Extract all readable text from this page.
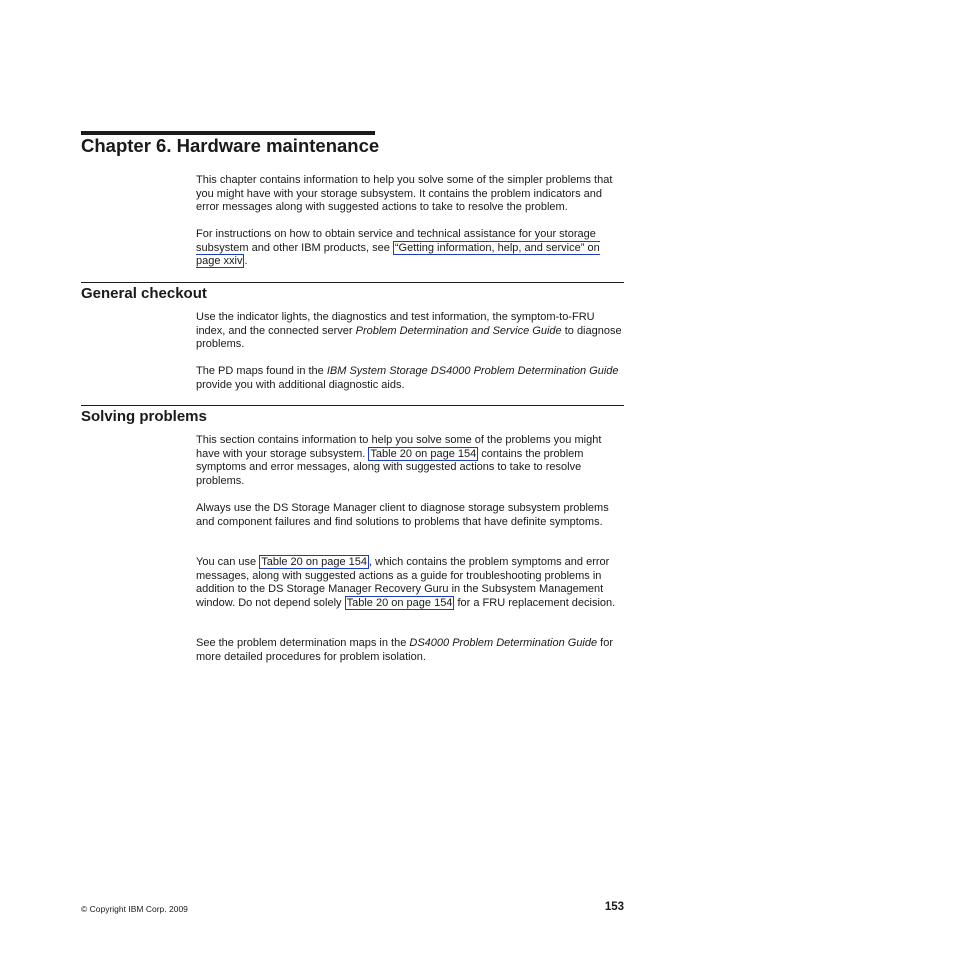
Chapter 6. Hardware maintenance

This chapter contains information to help you solve some of the simpler problems that you might have with your storage subsystem. It contains the problem indicators and error messages along with suggested actions to take to resolve the problem.

For instructions on how to obtain service and technical assistance for your storage subsystem and other IBM products, see “Getting information, help, and service” on page xxiv .

General checkout

Use the indicator lights, the diagnostics and test information, the symptom-to-FRU index, and the connected server Problem Determination and Service Guide to diagnose problems.

The PD maps found in the IBM System Storage DS4000 Problem Determination Guide provide you with additional diagnostic aids.

Solving problems

This section contains information to help you solve some of the problems you might have with your storage subsystem. Table 20 on page 154 contains the problem symptoms and error messages, along with suggested actions to take to resolve problems.

Always use the DS Storage Manager client to diagnose storage subsystem problems and component failures and find solutions to problems that have definite symptoms.

You can use Table 20 on page 154 , which contains the problem symptoms and error messages, along with suggested actions as a guide for troubleshooting problems in addition to the DS Storage Manager Recovery Guru in the Subsystem Management window. Do not depend solely Table 20 on page 154 for a FRU replacement decision.

See the problem determination maps in the DS4000 Problem Determination Guide for more detailed procedures for problem isolation.

© Copyright IBM Corp. 2009	153
